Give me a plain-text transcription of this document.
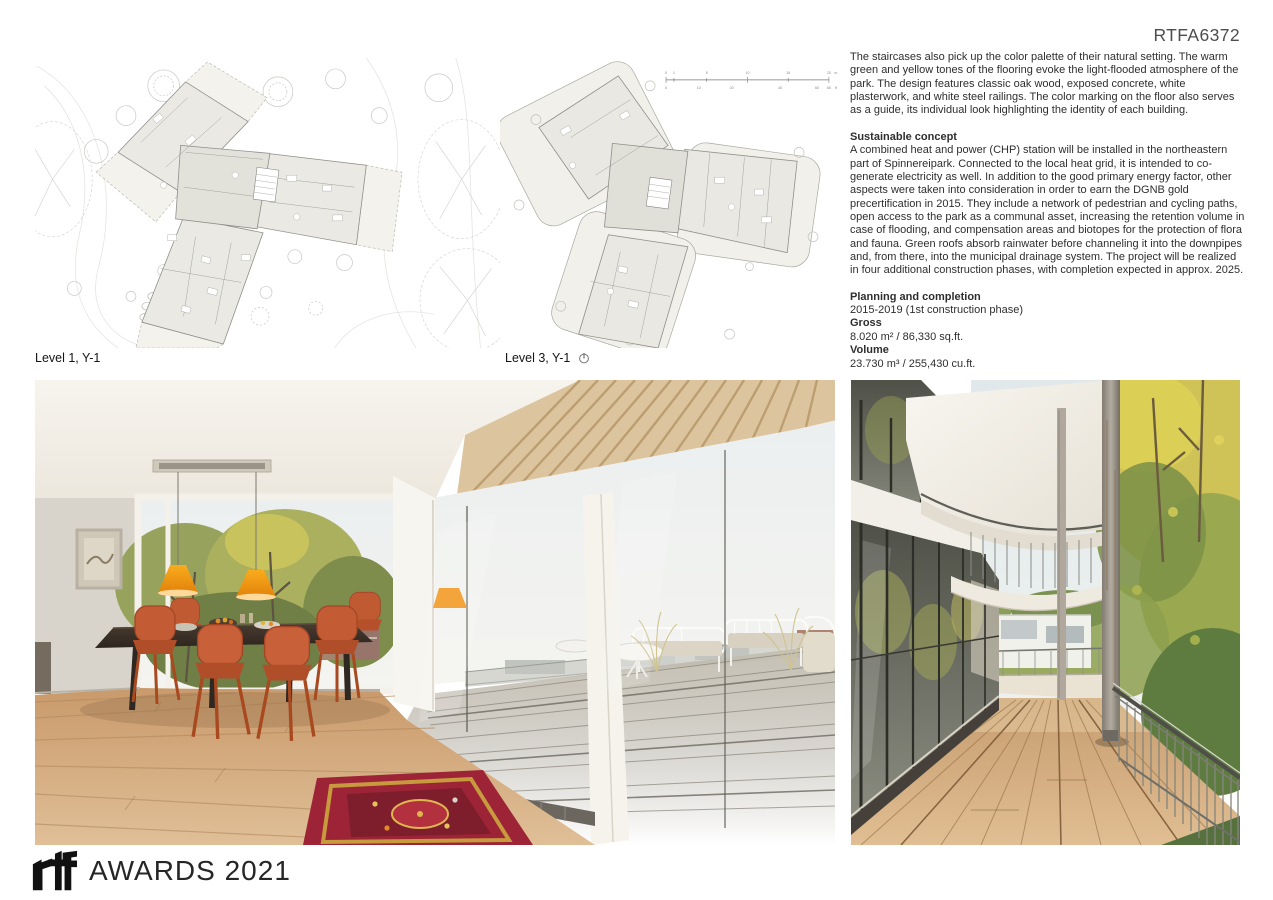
RTFA6372
0 1	5	10	15	20 m
0	10	20	40	60 65 ft
Level 1, Y-1	Level 3, Y-1

The staircases also pick up the color palette of their natural setting. The warm green and yellow tones of the flooring evoke the light-flooded atmosphere of the park. The design features classic oak wood, exposed concrete, white plasterwork, and white steel railings. The color marking on the floor also serves as a guide, its individual look highlighting the identity of each building.

Sustainable concept

A combined heat and power (CHP) station will be installed in the northeastern part of Spinnereipark. Connected to the local heat grid, it is intended to co-generate electricity as well. In addition to the good primary energy factor, other aspects were taken into consideration in order to earn the DGNB gold precertification in 2015. They include a network of pedestrian and cycling paths, open access to the park as a communal asset, increasing the retention volume in case of flooding, and compensation areas and biotopes for the protection of flora and fauna. Green roofs absorb rainwater before channeling it into the downpipes and, from there, into the municipal drainage system. The project will be realized in four additional construction phases, with completion expected in approx. 2025.

Planning and completion
2015-2019 (1st construction phase)
Gross
8.020 m² / 86,330 sq.ft.
Volume
23.730 m³ / 255,430 cu.ft.
AWARDS 2021
